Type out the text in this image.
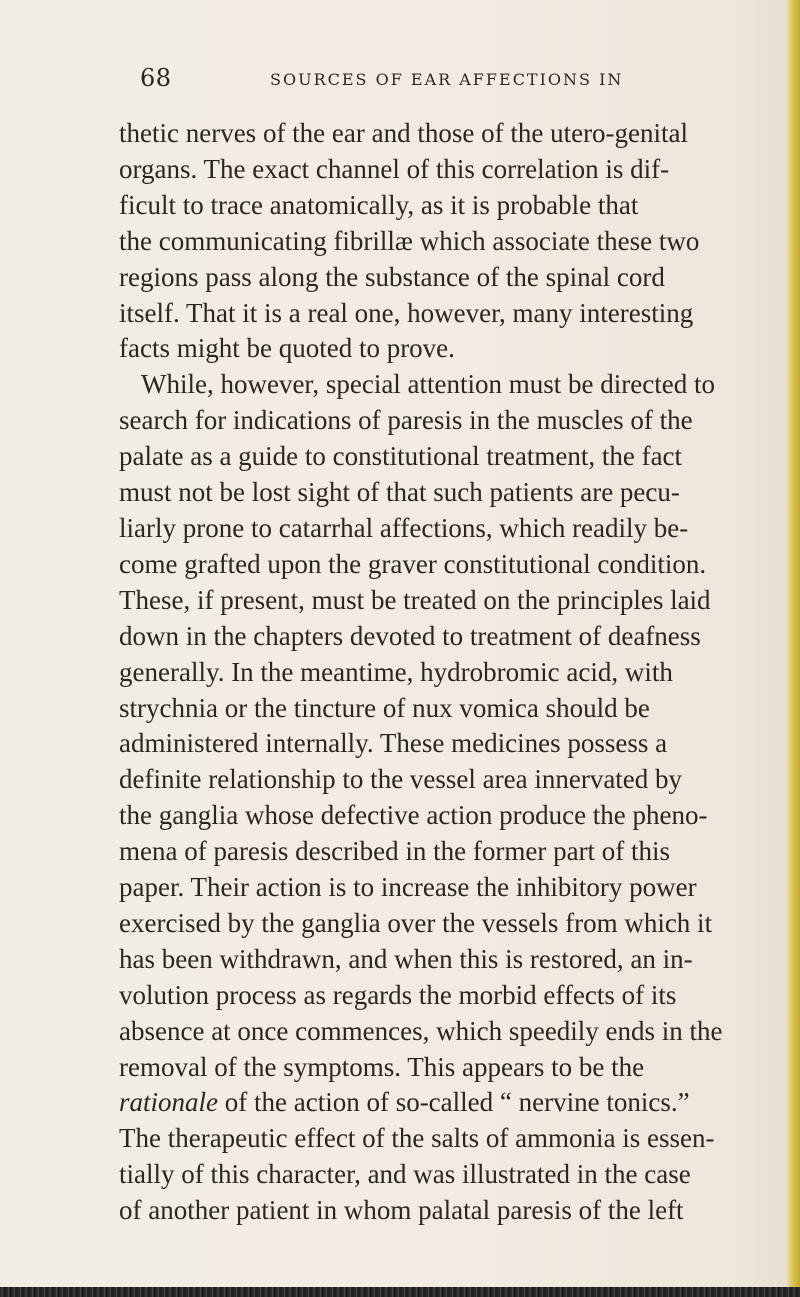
68	SOURCES OF EAR AFFECTIONS IN
thetic nerves of the ear and those of the utero-genital
organs. The exact channel of this correlation is dif-
ficult to trace anatomically, as it is probable that
the communicating fibrillæ which associate these two
regions pass along the substance of the spinal cord
itself. That it is a real one, however, many interesting
facts might be quoted to prove.
While, however, special attention must be directed to
search for indications of paresis in the muscles of the
palate as a guide to constitutional treatment, the fact
must not be lost sight of that such patients are pecu-
liarly prone to catarrhal affections, which readily be-
come grafted upon the graver constitutional condition.
These, if present, must be treated on the principles laid
down in the chapters devoted to treatment of deafness
generally. In the meantime, hydrobromic acid, with
strychnia or the tincture of nux vomica should be
administered internally. These medicines possess a
definite relationship to the vessel area innervated by
the ganglia whose defective action produce the pheno-
mena of paresis described in the former part of this
paper. Their action is to increase the inhibitory power
exercised by the ganglia over the vessels from which it
has been withdrawn, and when this is restored, an in-
volution process as regards the morbid effects of its
absence at once commences, which speedily ends in the
removal of the symptoms. This appears to be the
rationale of the action of so-called “ nervine tonics.”
The therapeutic effect of the salts of ammonia is essen-
tially of this character, and was illustrated in the case
of another patient in whom palatal paresis of the left
